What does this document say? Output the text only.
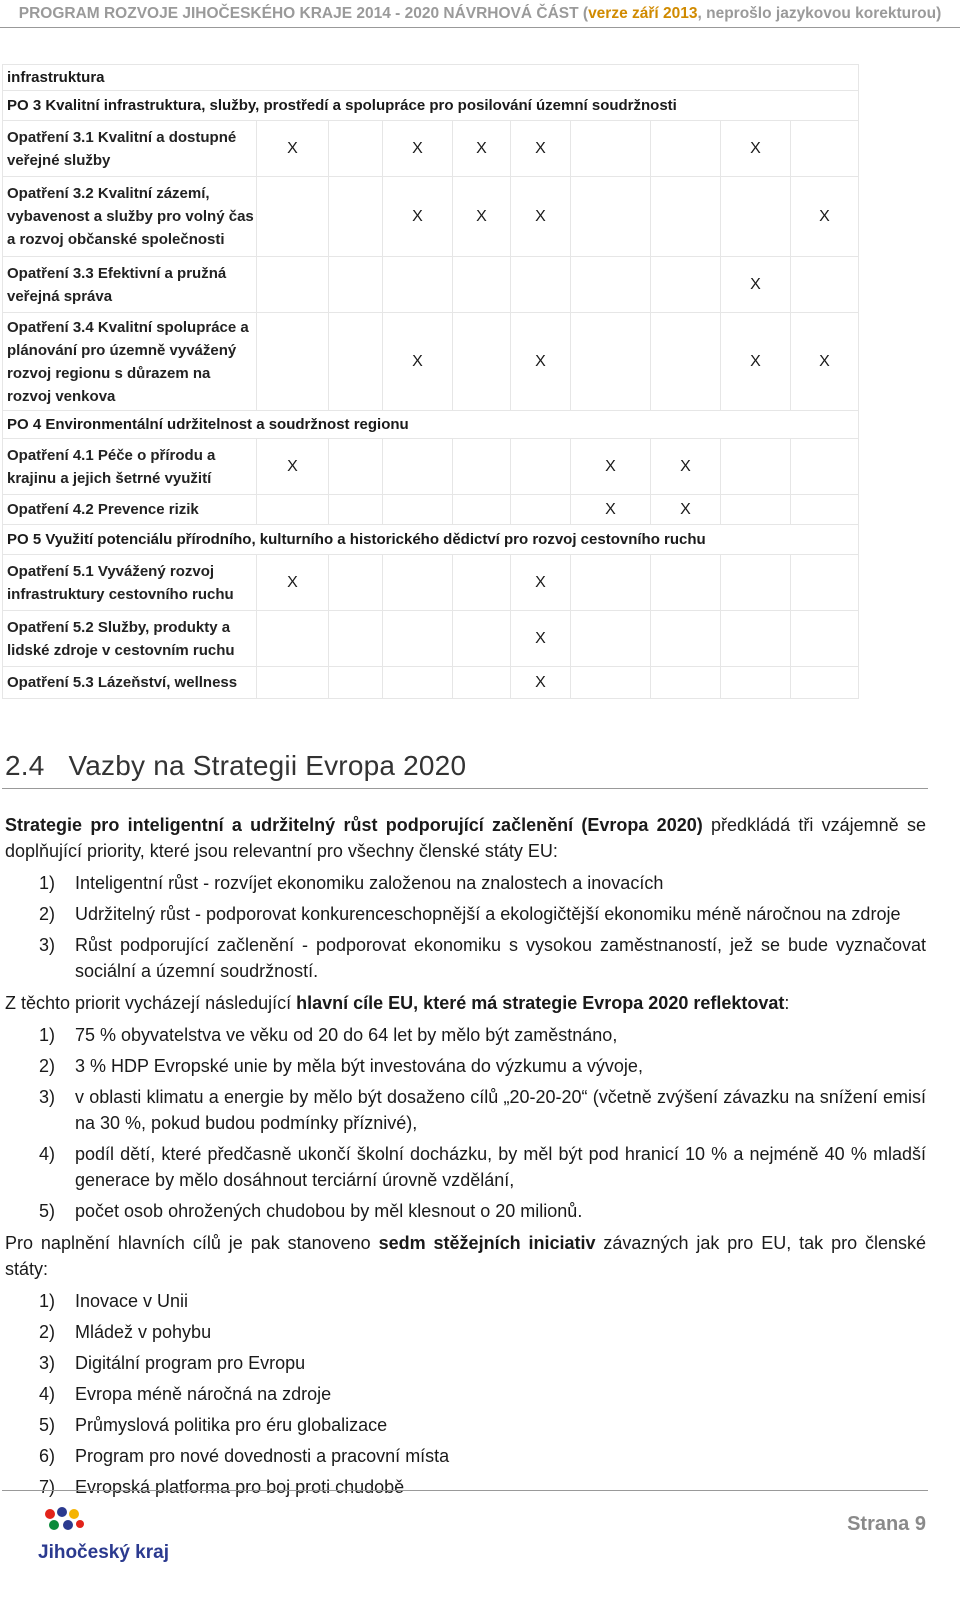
PROGRAM ROZVOJE JIHOČESKÉHO KRAJE 2014 - 2020 NÁVRHOVÁ ČÁST (verze září 2013, neprošlo jazykovou korekturou)
infrastruktura									
PO 3 Kvalitní infrastruktura, služby, prostředí a spolupráce pro posilování územní soudržnosti									
Opatření 3.1 Kvalitní a dostupné veřejné služby	X		X	X	X			X	
Opatření 3.2 Kvalitní zázemí, vybavenost a služby pro volný čas a rozvoj občanské společnosti			X	X	X				X
Opatření 3.3 Efektivní a pružná veřejná správa								X	
Opatření 3.4 Kvalitní spolupráce a plánování pro územně vyvážený rozvoj regionu s důrazem na rozvoj venkova			X		X			X	X
PO 4 Environmentální udržitelnost a soudržnost regionu									
Opatření 4.1 Péče o přírodu a krajinu a jejich šetrné využití	X					X	X		
Opatření 4.2 Prevence rizik						X	X		
PO 5 Využití potenciálu přírodního, kulturního a historického dědictví pro rozvoj cestovního ruchu									
Opatření 5.1 Vyvážený rozvoj infrastruktury cestovního ruchu	X				X				
Opatření 5.2 Služby, produkty a lidské zdroje v cestovním ruchu					X				
Opatření 5.3 Lázeňství, wellness					X				
2.4 Vazby na Strategii Evropa 2020

Strategie pro inteligentní a udržitelný růst podporující začlenění (Evropa 2020) předkládá tři vzájemně se doplňující priority, které jsou relevantní pro všechny členské státy EU:

1) Inteligentní růst - rozvíjet ekonomiku založenou na znalostech a inovacích
2) Udržitelný růst - podporovat konkurenceschopnější a ekologičtější ekonomiku méně náročnou na zdroje
3) Růst podporující začlenění - podporovat ekonomiku s vysokou zaměstnaností, jež se bude vyznačovat sociální a územní soudržností.

Z těchto priorit vycházejí následující hlavní cíle EU, které má strategie Evropa 2020 reflektovat:

1) 75 % obyvatelstva ve věku od 20 do 64 let by mělo být zaměstnáno,
2) 3 % HDP Evropské unie by měla být investována do výzkumu a vývoje,
3) v oblasti klimatu a energie by mělo být dosaženo cílů „20-20-20“ (včetně zvýšení závazku na snížení emisí na 30 %, pokud budou podmínky příznivé),
4) podíl dětí, které předčasně ukončí školní docházku, by měl být pod hranicí 10 % a nejméně 40 % mladší generace by mělo dosáhnout terciární úrovně vzdělání,
5) počet osob ohrožených chudobou by měl klesnout o 20 milionů.

Pro naplnění hlavních cílů je pak stanoveno sedm stěžejních iniciativ závazných jak pro EU, tak pro členské státy:

1) Inovace v Unii
2) Mládež v pohybu
3) Digitální program pro Evropu
4) Evropa méně náročná na zdroje
5) Průmyslová politika pro éru globalizace
6) Program pro nové dovednosti a pracovní místa
7) Evropská platforma pro boj proti chudobě
Jihočeský kraj
Strana 9
